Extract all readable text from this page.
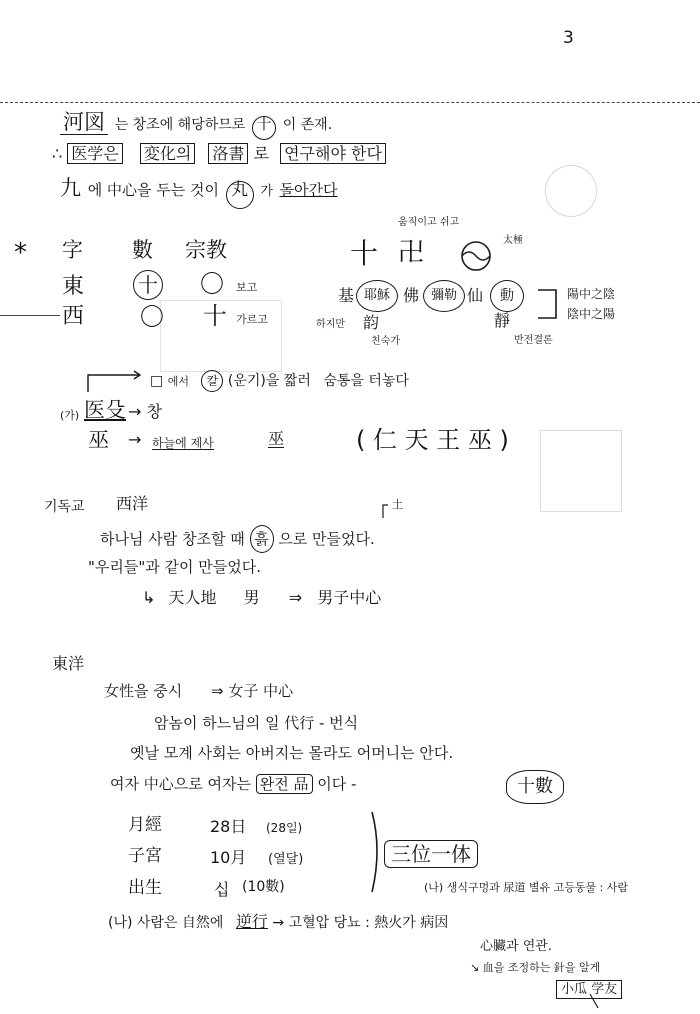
3
河図 는 창조에 해당하므로 十 이 존재.
∴ 医学은 変化의 洛書 로 연구해야 한다
九 에 中心을 두는 것이 丸 가 돌아간다
* 字 數 宗教
움직이고 쉬고
十 卍	太極
東	十 〇 보고
西 〇 十 가르고
基 耶穌
하지만 韵
친숙가
佛 彌勒 仙	動
靜
반전결론
陽中之陰
陰中之陽
□ 에서 칼 (운기)을 짧러 숨통을 터놓다
(가) 医殳 → 창
巫 → 하늘에 제사	巫	( 仁 天 王 巫 )
기독교 西洋	土
하나님 사람 창조할 때 흙 으로 만들었다.
"우리들"과 같이 만들었다.
↳ 天人地 男 ⇒ 男子中心
東洋
女性을 중시 ⇒ 女子 中心
암놈이 하느님의 일 代行 - 번식
옛날 모계 사회는 아버지는 몰라도 어머니는 안다.
여자 中心으로 여자는 완전 品 이다 -	十數
月經	28日 (28일)
子宮	10月 (열달)
出生	십 (10數)
三位一体
(나) 생식구멍과 尿道 별유 고등동물 : 사람
(나) 사람은 自然에 逆行 → 고혈압 당뇨 : 熱火가 病因
心臟과 연관.
↘ 血을 조정하는 針을 알게
小瓜 学友
